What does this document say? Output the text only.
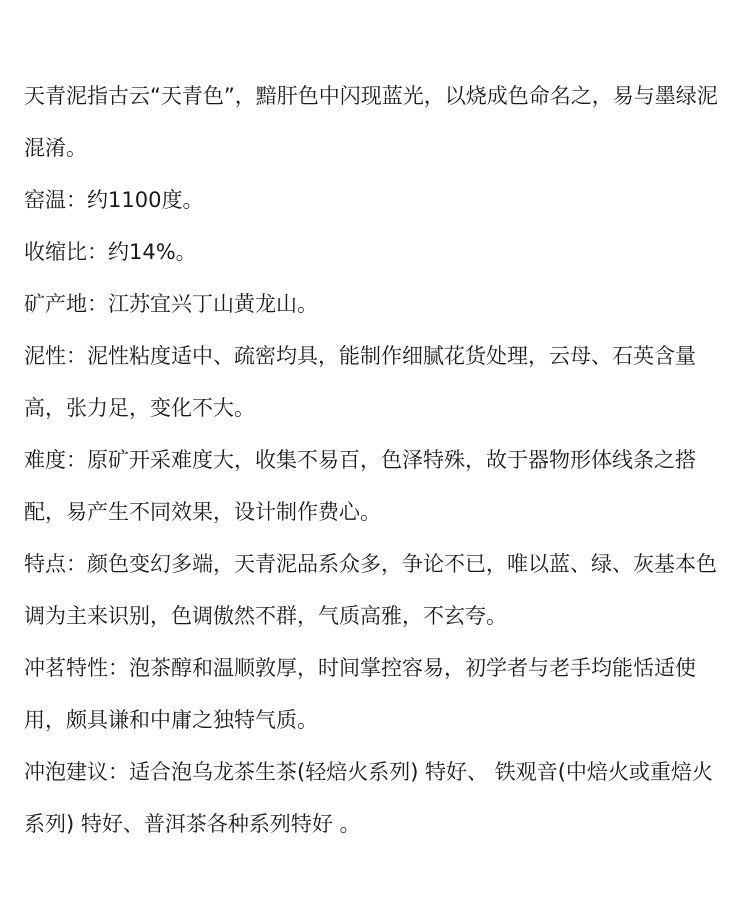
天青泥指古云“天青色”，黯肝色中闪现蓝光，以烧成色命名之，易与墨绿泥混淆。

窑温：约1100度。

收缩比：约14%。

矿产地：江苏宜兴丁山黄龙山。

泥性：泥性粘度适中、疏密均具，能制作细腻花货处理，云母、石英含量高，张力足，变化不大。

难度：原矿开采难度大，收集不易百，色泽特殊，故于器物形体线条之搭配，易产生不同效果，设计制作费心。

特点：颜色变幻多端，天青泥品系众多，争论不已，唯以蓝、绿、灰基本色调为主来识别，色调傲然不群，气质高雅，不玄夸。

冲茗特性：泡茶醇和温顺敦厚，时间掌控容易，初学者与老手均能恬适使用，颇具谦和中庸之独特气质。

冲泡建议：适合泡乌龙茶生茶(轻焙火系列) 特好、 铁观音(中焙火或重焙火系列) 特好、普洱茶各种系列特好 。
